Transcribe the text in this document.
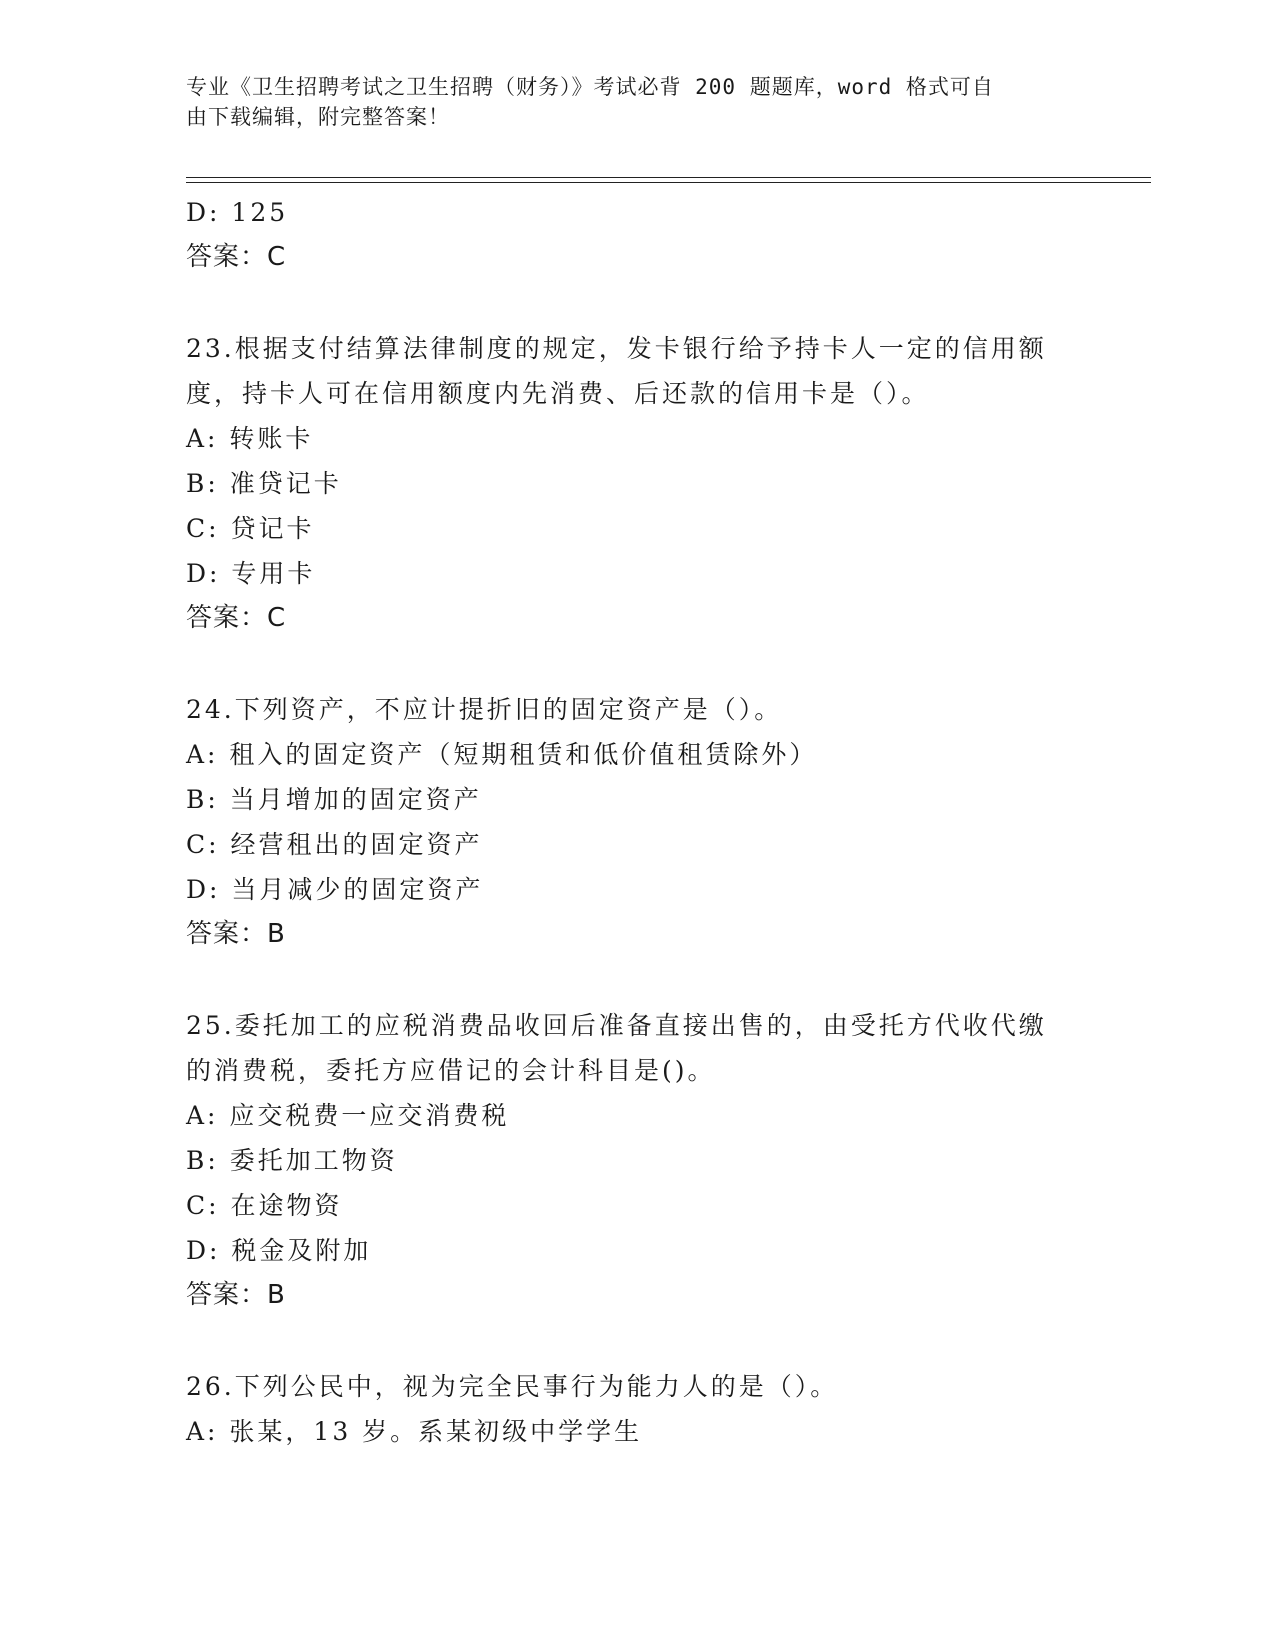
专业《卫生招聘考试之卫生招聘（财务）》考试必背 200 题题库，word 格式可自
由下载编辑，附完整答案！
D: 125
答案：C
23.根据支付结算法律制度的规定，发卡银行给予持卡人一定的信用额
度，持卡人可在信用额度内先消费、后还款的信用卡是（）。
A: 转账卡
B: 准贷记卡
C: 贷记卡
D: 专用卡
答案：C
24.下列资产，不应计提折旧的固定资产是（）。
A: 租入的固定资产（短期租赁和低价值租赁除外）
B: 当月增加的固定资产
C: 经营租出的固定资产
D: 当月减少的固定资产
答案：B
25.委托加工的应税消费品收回后准备直接出售的，由受托方代收代缴
的消费税，委托方应借记的会计科目是()。
A: 应交税费一应交消费税
B: 委托加工物资
C: 在途物资
D: 税金及附加
答案：B
26.下列公民中，视为完全民事行为能力人的是（）。
A: 张某，13 岁。系某初级中学学生
